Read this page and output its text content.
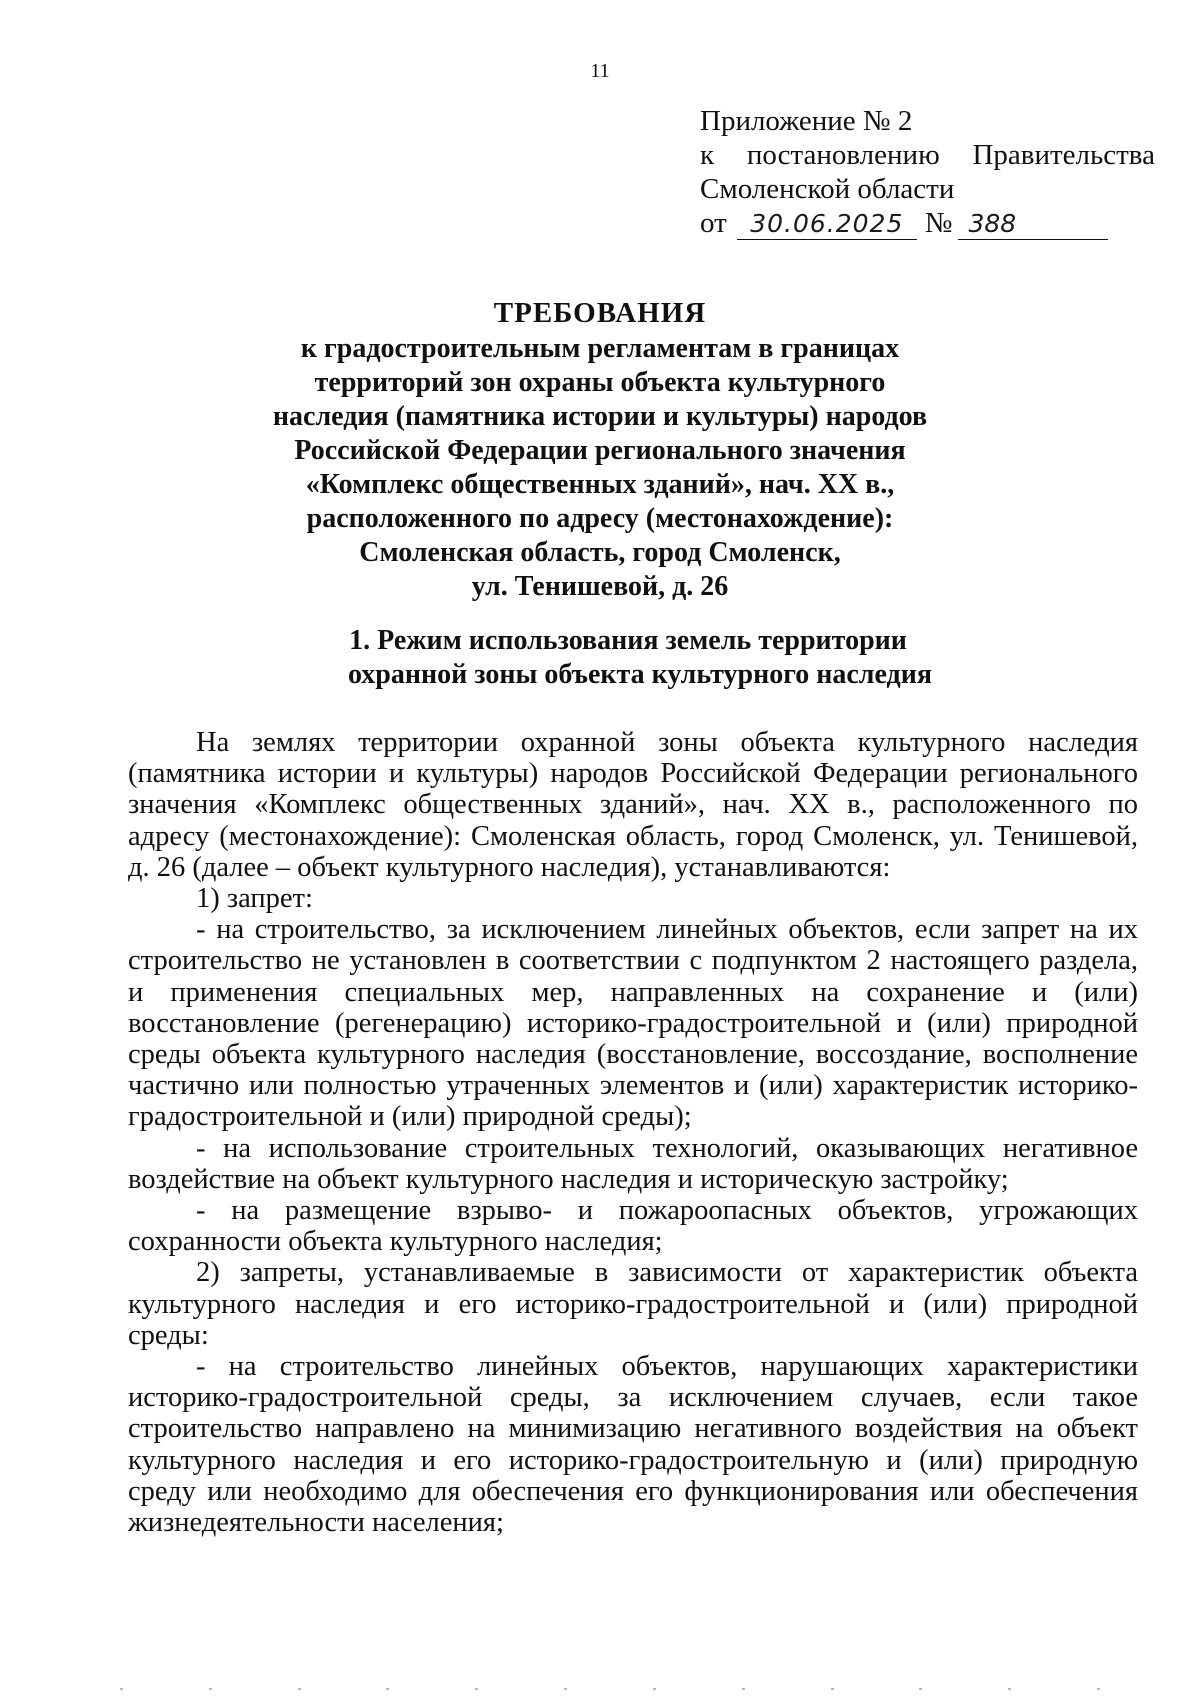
11
Приложение № 2
к постановлению Правительства
Смоленской области
от 30.06.2025 № 388
ТРЕБОВАНИЯ
к градостроительным регламентам в границах
территорий зон охраны объекта культурного
наследия (памятника истории и культуры) народов
Российской Федерации регионального значения
«Комплекс общественных зданий», нач. XX в.,
расположенного по адресу (местонахождение):
Смоленская область, город Смоленск,
ул. Тенишевой, д. 26
1. Режим использования земель территории
охранной зоны объекта культурного наследия

На землях территории охранной зоны объекта культурного наследия (памятника истории и культуры) народов Российской Федерации регионального значения «Комплекс общественных зданий», нач. XX в., расположенного по адресу (местонахождение): Смоленская область, город Смоленск, ул. Тенишевой, д. 26 (далее – объект культурного наследия), устанавливаются:

1) запрет:

- на строительство, за исключением линейных объектов, если запрет на их строительство не установлен в соответствии с подпунктом 2 настоящего раздела, и применения специальных мер, направленных на сохранение и (или) восстановление (регенерацию) историко-градостроительной и (или) природной среды объекта культурного наследия (восстановление, воссоздание, восполнение частично или полностью утраченных элементов и (или) характеристик историко-градостроительной и (или) природной среды);

- на использование строительных технологий, оказывающих негативное воздействие на объект культурного наследия и историческую застройку;

- на размещение взрыво- и пожароопасных объектов, угрожающих сохранности объекта культурного наследия;

2) запреты, устанавливаемые в зависимости от характеристик объекта культурного наследия и его историко-градостроительной и (или) природной среды:

- на строительство линейных объектов, нарушающих характеристики историко-градостроительной среды, за исключением случаев, если такое строительство направлено на минимизацию негативного воздействия на объект культурного наследия и его историко-градостроительную и (или) природную среду или необходимо для обеспечения его функционирования или обеспечения жизнедеятельности населения;
